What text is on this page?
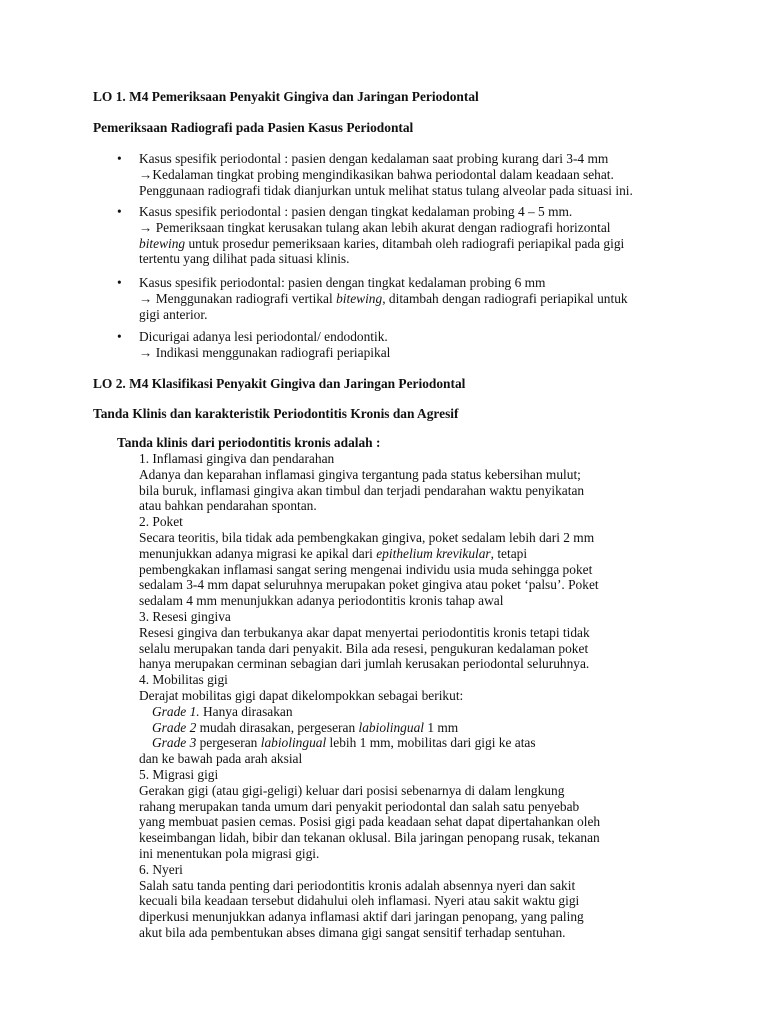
LO 1. M4 Pemeriksaan Penyakit Gingiva dan Jaringan Periodontal
Pemeriksaan Radiografi pada Pasien Kasus Periodontal
• Kasus spesifik periodontal : pasien dengan kedalaman saat probing kurang dari 3-4 mm
→Kedalaman tingkat probing mengindikasikan bahwa periodontal dalam keadaan sehat.
Penggunaan radiografi tidak dianjurkan untuk melihat status tulang alveolar pada situasi ini.
• Kasus spesifik periodontal : pasien dengan tingkat kedalaman probing 4 – 5 mm.
→ Pemeriksaan tingkat kerusakan tulang akan lebih akurat dengan radiografi horizontal
bitewing untuk prosedur pemeriksaan karies, ditambah oleh radiografi periapikal pada gigi
tertentu yang dilihat pada situasi klinis.
• Kasus spesifik periodontal: pasien dengan tingkat kedalaman probing 6 mm
→ Menggunakan radiografi vertikal bitewing, ditambah dengan radiografi periapikal untuk
gigi anterior.
• Dicurigai adanya lesi periodontal/ endodontik.
→ Indikasi menggunakan radiografi periapikal
LO 2. M4 Klasifikasi Penyakit Gingiva dan Jaringan Periodontal
Tanda Klinis dan karakteristik Periodontitis Kronis dan Agresif
Tanda klinis dari periodontitis kronis adalah :
1. Inflamasi gingiva dan pendarahan
Adanya dan keparahan inflamasi gingiva tergantung pada status kebersihan mulut;
bila buruk, inflamasi gingiva akan timbul dan terjadi pendarahan waktu penyikatan
atau bahkan pendarahan spontan.
2. Poket
Secara teoritis, bila tidak ada pembengkakan gingiva, poket sedalam lebih dari 2 mm
menunjukkan adanya migrasi ke apikal dari epithelium krevikular, tetapi
pembengkakan inflamasi sangat sering mengenai individu usia muda sehingga poket
sedalam 3-4 mm dapat seluruhnya merupakan poket gingiva atau poket ‘palsu’. Poket
sedalam 4 mm menunjukkan adanya periodontitis kronis tahap awal
3. Resesi gingiva
Resesi gingiva dan terbukanya akar dapat menyertai periodontitis kronis tetapi tidak
selalu merupakan tanda dari penyakit. Bila ada resesi, pengukuran kedalaman poket
hanya merupakan cerminan sebagian dari jumlah kerusakan periodontal seluruhnya.
4. Mobilitas gigi
Derajat mobilitas gigi dapat dikelompokkan sebagai berikut:
Grade 1. Hanya dirasakan
Grade 2 mudah dirasakan, pergeseran labiolingual 1 mm
Grade 3 pergeseran labiolingual lebih 1 mm, mobilitas dari gigi ke atas
dan ke bawah pada arah aksial
5. Migrasi gigi
Gerakan gigi (atau gigi-geligi) keluar dari posisi sebenarnya di dalam lengkung
rahang merupakan tanda umum dari penyakit periodontal dan salah satu penyebab
yang membuat pasien cemas. Posisi gigi pada keadaan sehat dapat dipertahankan oleh
keseimbangan lidah, bibir dan tekanan oklusal. Bila jaringan penopang rusak, tekanan
ini menentukan pola migrasi gigi.
6. Nyeri
Salah satu tanda penting dari periodontitis kronis adalah absennya nyeri dan sakit
kecuali bila keadaan tersebut didahului oleh inflamasi. Nyeri atau sakit waktu gigi
diperkusi menunjukkan adanya inflamasi aktif dari jaringan penopang, yang paling
akut bila ada pembentukan abses dimana gigi sangat sensitif terhadap sentuhan.
